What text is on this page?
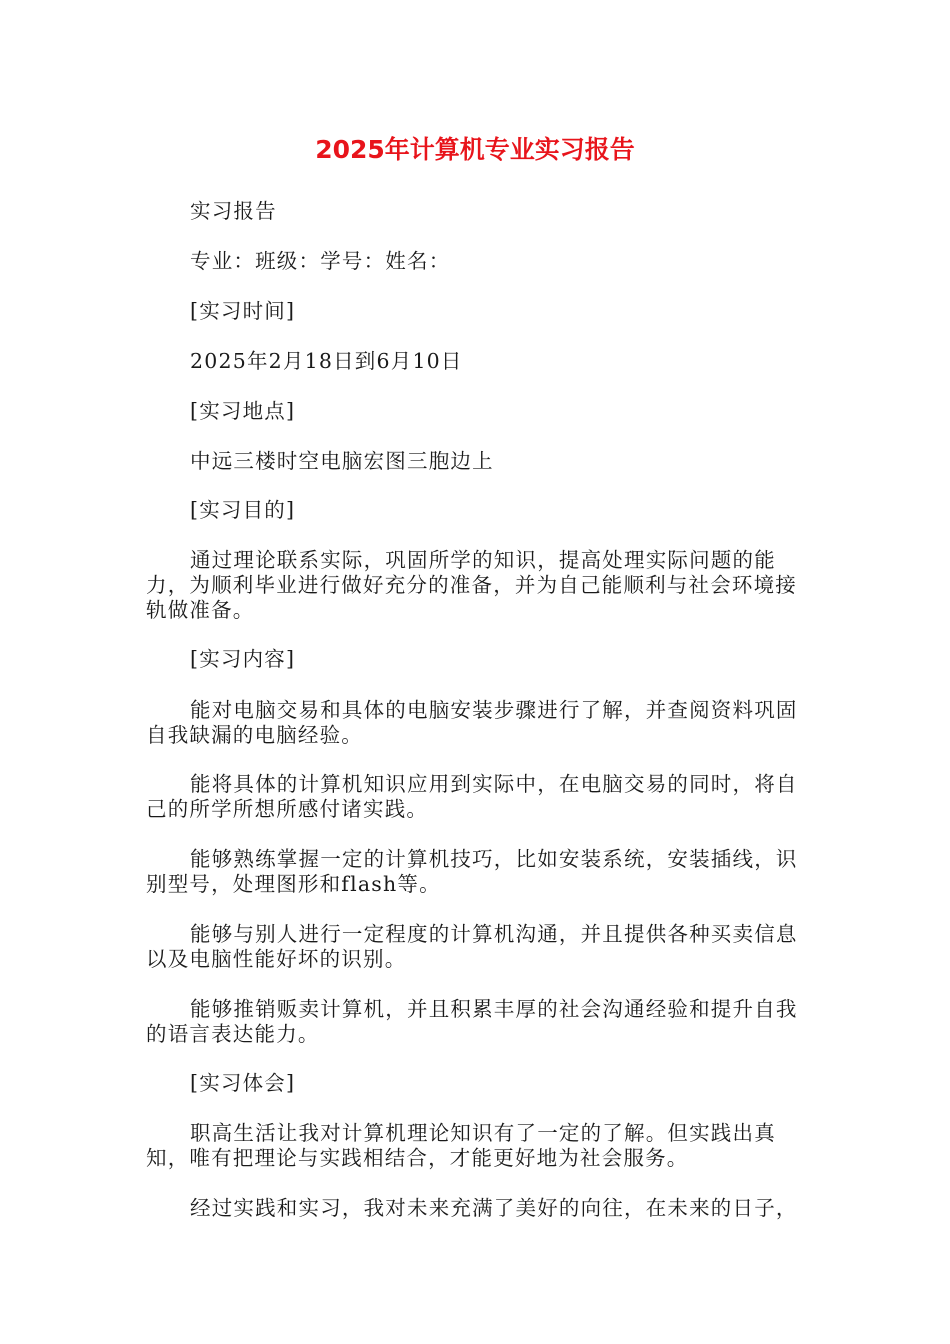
2025年计算机专业实习报告

实习报告

专业：班级：学号：姓名：

[实习时间]

2025年2月18日到6月10日

[实习地点]

中远三楼时空电脑宏图三胞边上

[实习目的]

通过理论联系实际，巩固所学的知识，提高处理实际问题的能力，为顺利毕业进行做好充分的准备，并为自己能顺利与社会环境接轨做准备。

[实习内容]

能对电脑交易和具体的电脑安装步骤进行了解，并查阅资料巩固自我缺漏的电脑经验。

能将具体的计算机知识应用到实际中，在电脑交易的同时，将自己的所学所想所感付诸实践。

能够熟练掌握一定的计算机技巧，比如安装系统，安装插线，识别型号，处理图形和flash等。

能够与别人进行一定程度的计算机沟通，并且提供各种买卖信息以及电脑性能好坏的识别。

能够推销贩卖计算机，并且积累丰厚的社会沟通经验和提升自我的语言表达能力。

[实习体会]

职高生活让我对计算机理论知识有了一定的了解。但实践出真知，唯有把理论与实践相结合，才能更好地为社会服务。

经过实践和实习，我对未来充满了美好的向往，在未来的日子，
